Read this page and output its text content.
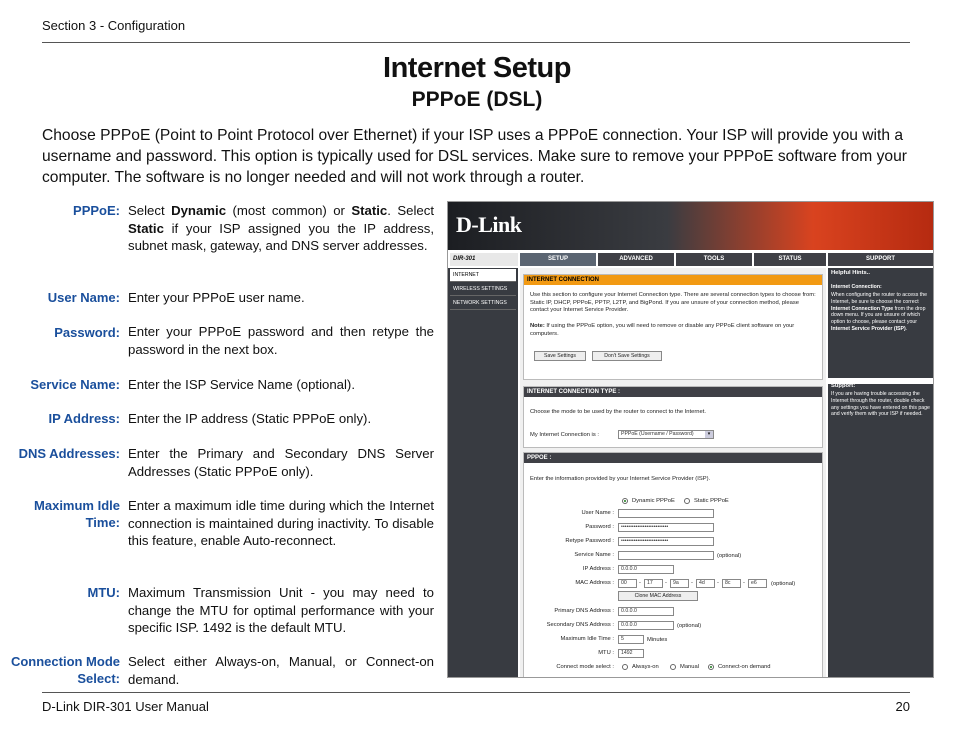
Section 3 - Configuration
Internet Setup
PPPoE (DSL)
Choose PPPoE (Point to Point Protocol over Ethernet) if your ISP uses a PPPoE connection. Your ISP will provide you with a username and password. This option is typically used for DSL services. Make sure to remove your PPPoE software from your computer. The software is no longer needed and will not work through a router.
PPPoE: Select Dynamic (most common) or Static. Select Static if your ISP assigned you the IP address, subnet mask, gateway, and DNS server addresses.
User Name: Enter your PPPoE user name.
Password: Enter your PPPoE password and then retype the password in the next box.
Service Name: Enter the ISP Service Name (optional).
IP Address: Enter the IP address (Static PPPoE only).
DNS Addresses: Enter the Primary and Secondary DNS Server Addresses (Static PPPoE only).
Maximum Idle
Time:
Enter a maximum idle time during which the Internet connection is maintained during inactivity. To disable this feature, enable Auto-reconnect.
MTU: Maximum Transmission Unit - you may need to change the MTU for optimal performance with your specific ISP. 1492 is the default MTU.
Connection Mode
Select:
Select either Always-on, Manual, or Connect-on demand.
D-Link
DIR-301	SETUP	ADVANCED	TOOLS	STATUS	SUPPORT
INTERNET
WIRELESS SETTINGS
NETWORK SETTINGS
INTERNET CONNECTION
Use this section to configure your Internet Connection type. There are several connection types to choose from: Static IP, DHCP, PPPoE, PPTP, L2TP, and BigPond. If you are unsure of your connection method, please contact your Internet Service Provider.
Note: If using the PPPoE option, you will need to remove or disable any PPPoE client software on your computers.
Save Settings	Don't Save Settings
INTERNET CONNECTION TYPE :
Choose the mode to be used by the router to connect to the Internet.
My Internet Connection is :	PPPoE (Username / Password)	▾
PPPOE :
Enter the information provided by your Internet Service Provider (ISP).
Dynamic PPPoE	Static PPPoE
User Name :
Password :	••••••••••••••••••••••••••
Retype Password :	••••••••••••••••••••••••••
Service Name :	(optional)
IP Address :	0.0.0.0
MAC Address :	00	-	17	-	9a	-	4d	-	8c	-	e6	(optional)
Clone MAC Address
Primary DNS Address :	0.0.0.0
Secondary DNS Address :	0.0.0.0	(optional)
Maximum Idle Time :	5	Minutes
MTU :	1492
Connect mode select :	Always-on	Manual	Connect-on demand
Helpful Hints..
Internet Connection:
When configuring the router to access the Internet, be sure to choose the correct Internet Connection Type from the drop down menu. If you are unsure of which option to choose, please contact your Internet Service Provider (ISP).
Support:
If you are having trouble accessing the Internet through the router, double check any settings you have entered on this page and verify them with your ISP if needed.
D-Link DIR-301 User Manual	20
